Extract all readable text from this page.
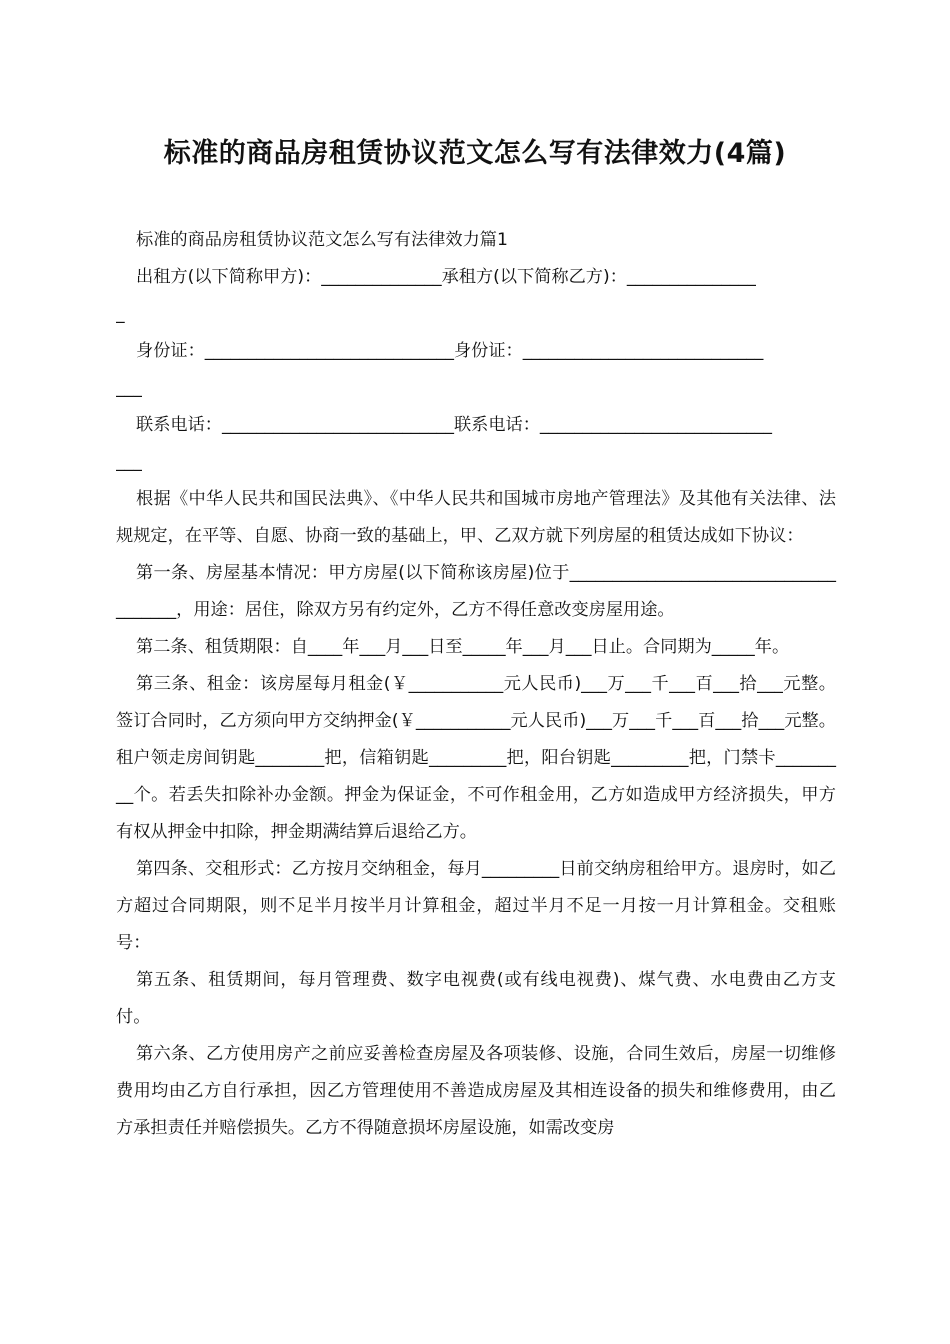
标准的商品房租赁协议范文怎么写有法律效力(4篇)
标准的商品房租赁协议范文怎么写有法律效力篇1
出租方(以下简称甲方)：______________承租方(以下简称乙方)：_______________
_
身份证：_____________________________身份证：____________________________
___
联系电话：___________________________联系电话：___________________________
___

根据《中华人民共和国民法典》、《中华人民共和国城市房地产管理法》及其他有关法律、法规规定，在平等、自愿、协商一致的基础上，甲、乙双方就下列房屋的租赁达成如下协议：

第一条、房屋基本情况：甲方房屋(以下简称该房屋)位于______________________________________，用途：居住，除双方另有约定外，乙方不得任意改变房屋用途。

第二条、租赁期限：自____年___月___日至_____年___月___日止。合同期为_____年。

第三条、租金：该房屋每月租金(￥___________元人民币)___万___千___百___拾___元整。签订合同时，乙方须向甲方交纳押金(￥___________元人民币)___万___千___百___拾___元整。租户领走房间钥匙________把，信箱钥匙_________把，阳台钥匙_________把，门禁卡_________个。若丢失扣除补办金额。押金为保证金，不可作租金用，乙方如造成甲方经济损失，甲方有权从押金中扣除，押金期满结算后退给乙方。

第四条、交租形式：乙方按月交纳租金，每月_________日前交纳房租给甲方。退房时，如乙方超过合同期限，则不足半月按半月计算租金，超过半月不足一月按一月计算租金。交租账号：

第五条、租赁期间，每月管理费、数字电视费(或有线电视费)、煤气费、水电费由乙方支付。

第六条、乙方使用房产之前应妥善检查房屋及各项装修、设施，合同生效后，房屋一切维修费用均由乙方自行承担，因乙方管理使用不善造成房屋及其相连设备的损失和维修费用，由乙方承担责任并赔偿损失。乙方不得随意损坏房屋设施，如需改变房
